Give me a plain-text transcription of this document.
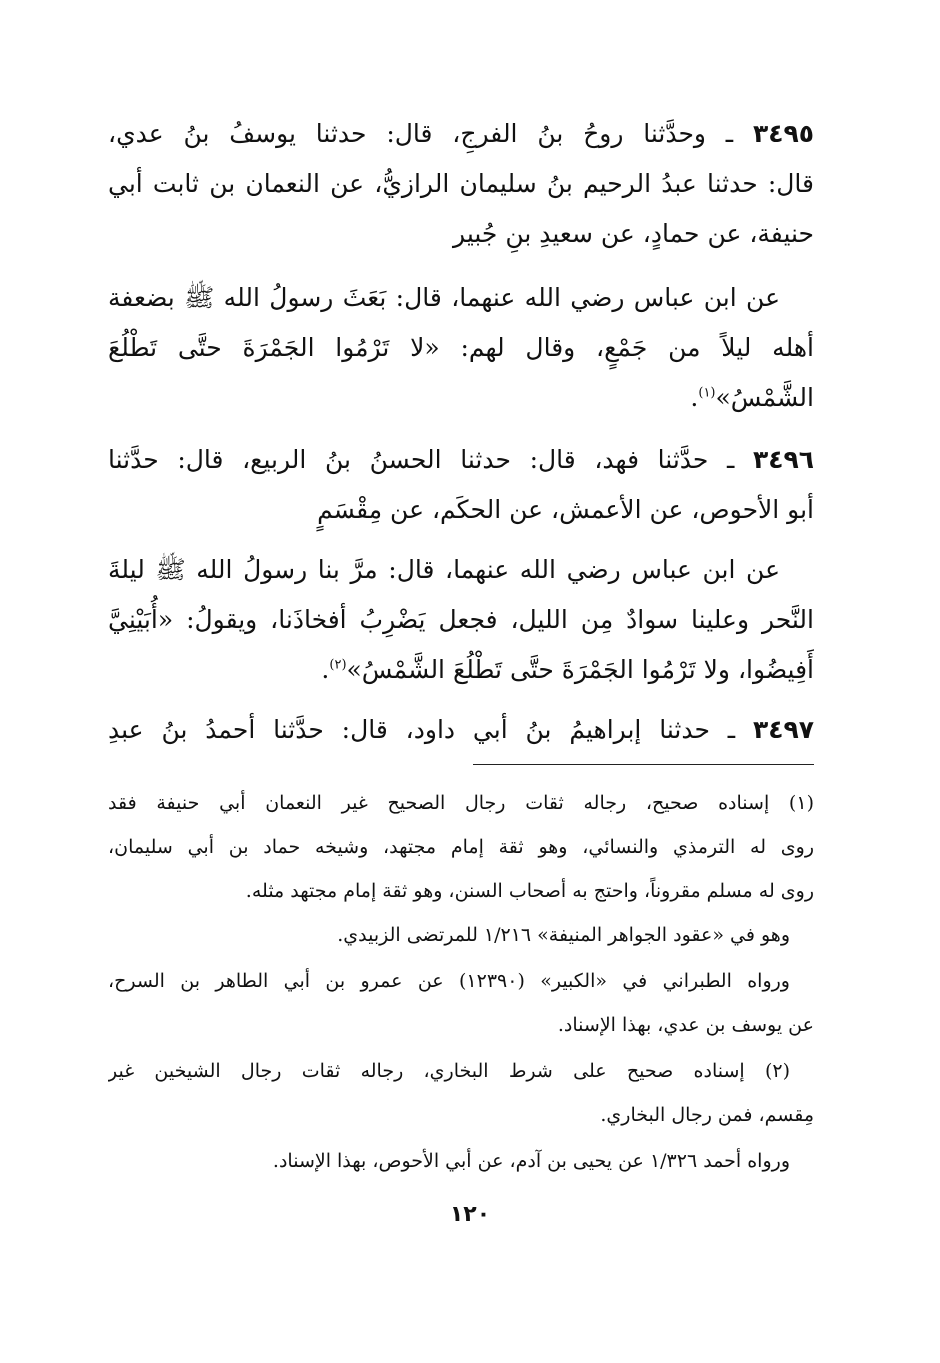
٣٤٩٥ ـ وحدَّثنا روحُ بنُ الفرجِ، قال: حدثنا يوسفُ بنُ عدي،
قال: حدثنا عبدُ الرحيم بنُ سليمان الرازيُّ، عن النعمان بن ثابت أبي
حنيفة، عن حمادٍ، عن سعيدِ بنِ جُبير
عن ابن عباس رضي الله عنهما، قال: بَعَثَ رسولُ الله ﷺ بضعفة
أهله ليلاً من جَمْعٍ، وقال لهم: «لا تَرْمُوا الجَمْرَةَ حتَّى تَطْلُعَ
الشَّمْسُ»$^{(١)}$.
٣٤٩٦ ـ حدَّثنا فهد، قال: حدثنا الحسنُ بنُ الربيع، قال: حدَّثنا
أبو الأحوص، عن الأعمش، عن الحكَم، عن مِقْسَمٍ
عن ابن عباس رضي الله عنهما، قال: مرَّ بنا رسولُ الله ﷺ ليلةَ
النَّحر وعلينا سوادٌ مِن الليل، فجعل يَضْرِبُ أفخاذَنا، ويقولُ: «أُبَيْنِيَّ
أَفِيضُوا، ولا تَرْمُوا الجَمْرَةَ حتَّى تَطْلُعَ الشَّمْسُ»$^{(٢)}$.
٣٤٩٧ ـ حدثنا إبراهيمُ بنُ أبي داود، قال: حدَّثنا أحمدُ بنُ عبدِ
(١) إسناده صحيح، رجاله ثقات رجال الصحيح غير النعمان أبي حنيفة فقد
روى له الترمذي والنسائي، وهو ثقة إمام مجتهد، وشيخه حماد بن أبي سليمان،
روى له مسلم مقروناً، واحتج به أصحاب السنن، وهو ثقة إمام مجتهد مثله.
وهو في «عقود الجواهر المنيفة» ١/٢١٦ للمرتضى الزبيدي.
ورواه الطبراني في «الكبير» (١٢٣٩٠) عن عمرو بن أبي الطاهر بن السرح،
عن يوسف بن عدي، بهذا الإسناد.
(٢) إسناده صحيح على شرط البخاري، رجاله ثقات رجال الشيخين غير
مِقسم، فمن رجال البخاري.
ورواه أحمد ١/٣٢٦ عن يحيى بن آدم، عن أبي الأحوص، بهذا الإسناد.
١٢٠
